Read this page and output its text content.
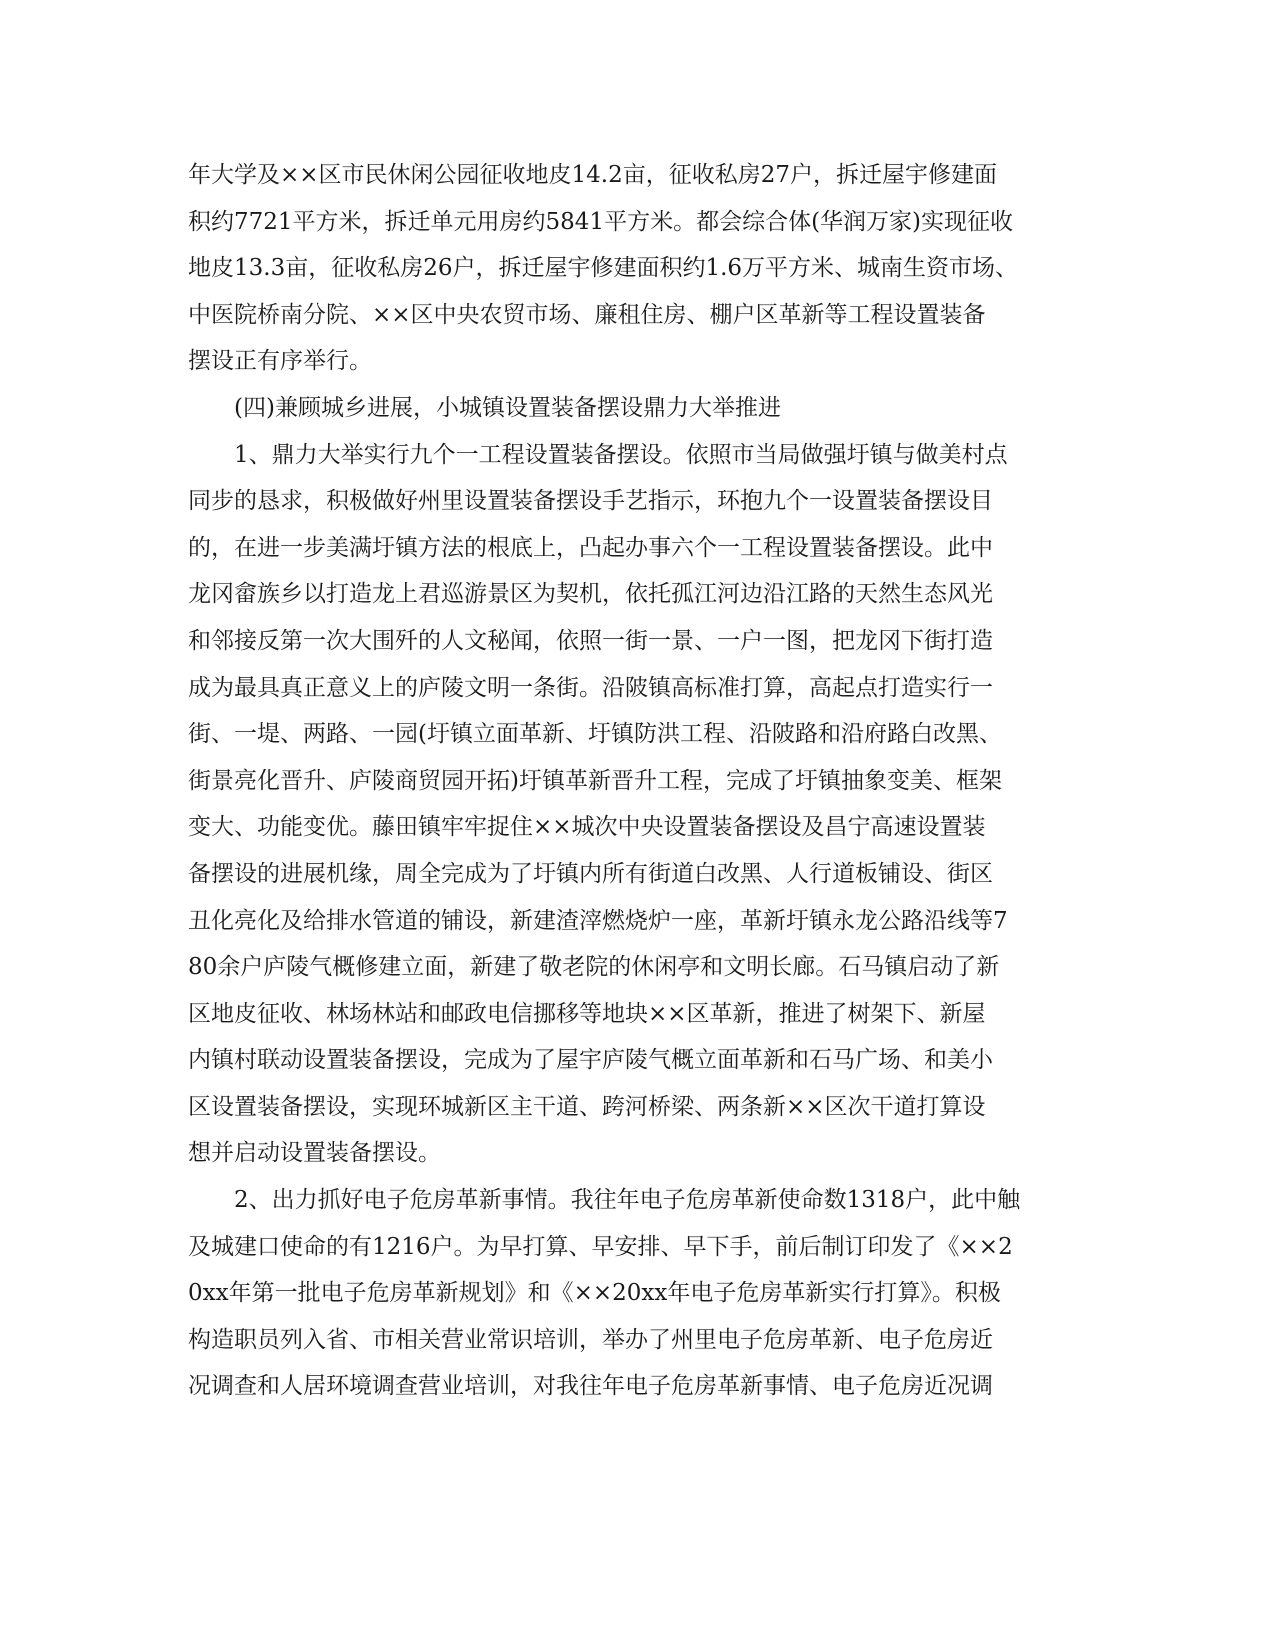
年大学及××区市民休闲公园征收地皮14.2亩，征收私房27户，拆迁屋宇修建面
积约7721平方米，拆迁单元用房约5841平方米。都会综合体(华润万家)实现征收
地皮13.3亩，征收私房26户，拆迁屋宇修建面积约1.6万平方米、城南生资市场、
中医院桥南分院、××区中央农贸市场、廉租住房、棚户区革新等工程设置装备
摆设正有序举行。
(四)兼顾城乡进展，小城镇设置装备摆设鼎力大举推进
1、鼎力大举实行九个一工程设置装备摆设。依照市当局做强圩镇与做美村点
同步的恳求，积极做好州里设置装备摆设手艺指示，环抱九个一设置装备摆设目
的，在进一步美满圩镇方法的根底上，凸起办事六个一工程设置装备摆设。此中
龙冈畲族乡以打造龙上君巡游景区为契机，依托孤江河边沿江路的天然生态风光
和邻接反第一次大围歼的人文秘闻，依照一街一景、一户一图，把龙冈下街打造
成为最具真正意义上的庐陵文明一条街。沿陂镇高标准打算，高起点打造实行一
街、一堤、两路、一园(圩镇立面革新、圩镇防洪工程、沿陂路和沿府路白改黑、
街景亮化晋升、庐陵商贸园开拓)圩镇革新晋升工程，完成了圩镇抽象变美、框架
变大、功能变优。藤田镇牢牢捉住××城次中央设置装备摆设及昌宁高速设置装
备摆设的进展机缘，周全完成为了圩镇内所有街道白改黑、人行道板铺设、街区
丑化亮化及给排水管道的铺设，新建渣滓燃烧炉一座，革新圩镇永龙公路沿线等7
80余户庐陵气概修建立面，新建了敬老院的休闲亭和文明长廊。石马镇启动了新
区地皮征收、林场林站和邮政电信挪移等地块××区革新，推进了树架下、新屋
内镇村联动设置装备摆设，完成为了屋宇庐陵气概立面革新和石马广场、和美小
区设置装备摆设，实现环城新区主干道、跨河桥梁、两条新××区次干道打算设
想并启动设置装备摆设。
2、出力抓好电子危房革新事情。我往年电子危房革新使命数1318户，此中触
及城建口使命的有1216户。为早打算、早安排、早下手，前后制订印发了《××2
0xx年第一批电子危房革新规划》和《××20xx年电子危房革新实行打算》。积极
构造职员列入省、市相关营业常识培训，举办了州里电子危房革新、电子危房近
况调查和人居环境调查营业培训，对我往年电子危房革新事情、电子危房近况调
